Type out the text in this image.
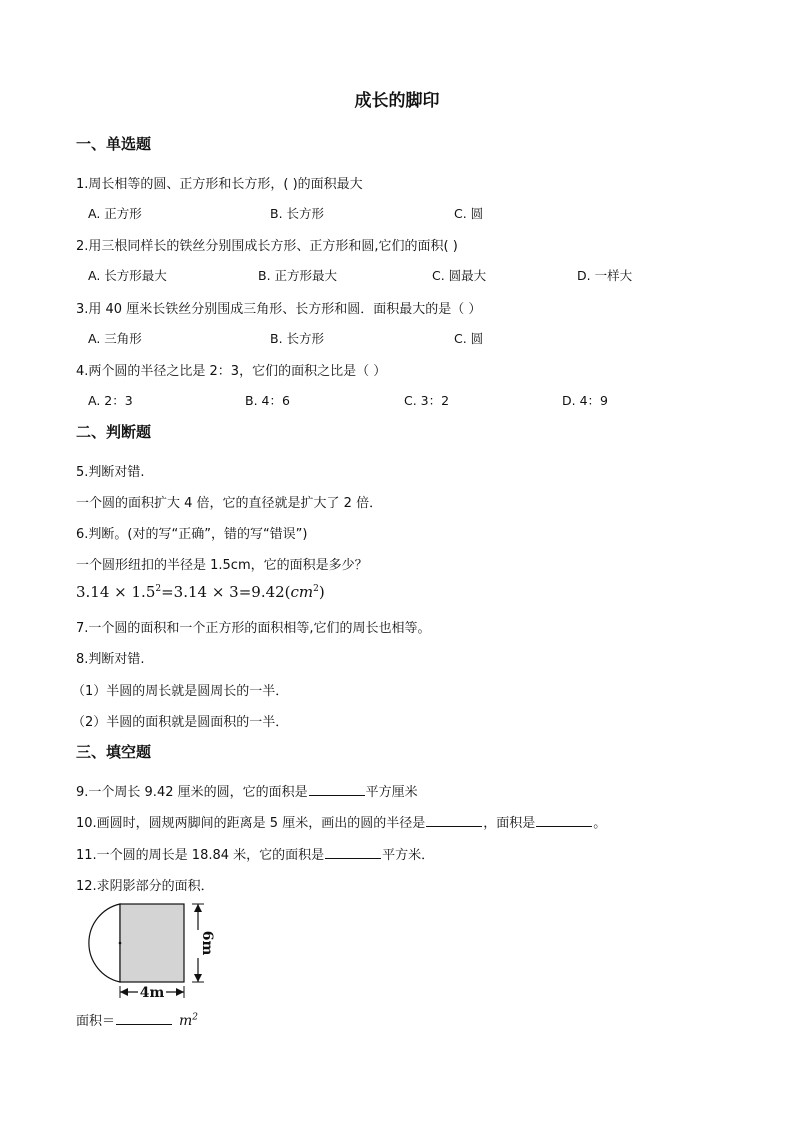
成长的脚印
一、单选题
1.周长相等的圆、正方形和长方形，( )的面积最大
A. 正方形	B. 长方形	C. 圆
2.用三根同样长的铁丝分别围成长方形、正方形和圆,它们的面积( )
A. 长方形最大	B. 正方形最大	C. 圆最大	D. 一样大
3.用 40 厘米长铁丝分别围成三角形、长方形和圆．面积最大的是（ ）
A. 三角形	B. 长方形	C. 圆
4.两个圆的半径之比是 2：3，它们的面积之比是（ ）
A. 2：3	B. 4：6	C. 3：2	D. 4：9
二、判断题
5.判断对错.
一个圆的面积扩大 4 倍，它的直径就是扩大了 2 倍．
6.判断。(对的写“正确”，错的写“错误”)
一个圆形纽扣的半径是 1.5cm，它的面积是多少？
$3.14 \times 1.5^2=3.14 \times 3=9.42(cm^2)$
7.一个圆的面积和一个正方形的面积相等,它们的周长也相等。
8.判断对错.
（1）半圆的周长就是圆周长的一半．
（2）半圆的面积就是圆面积的一半．
三、填空题
9.一个周长 9.42 厘米的圆，它的面积是	平方厘米
10.画圆时，圆规两脚间的距离是 5 厘米，画出的圆的半径是	，面积是	。
11.一个圆的周长是 18.84 米，它的面积是	平方米．
12.求阴影部分的面积．
6m
4m
面积＝	$m^2$
